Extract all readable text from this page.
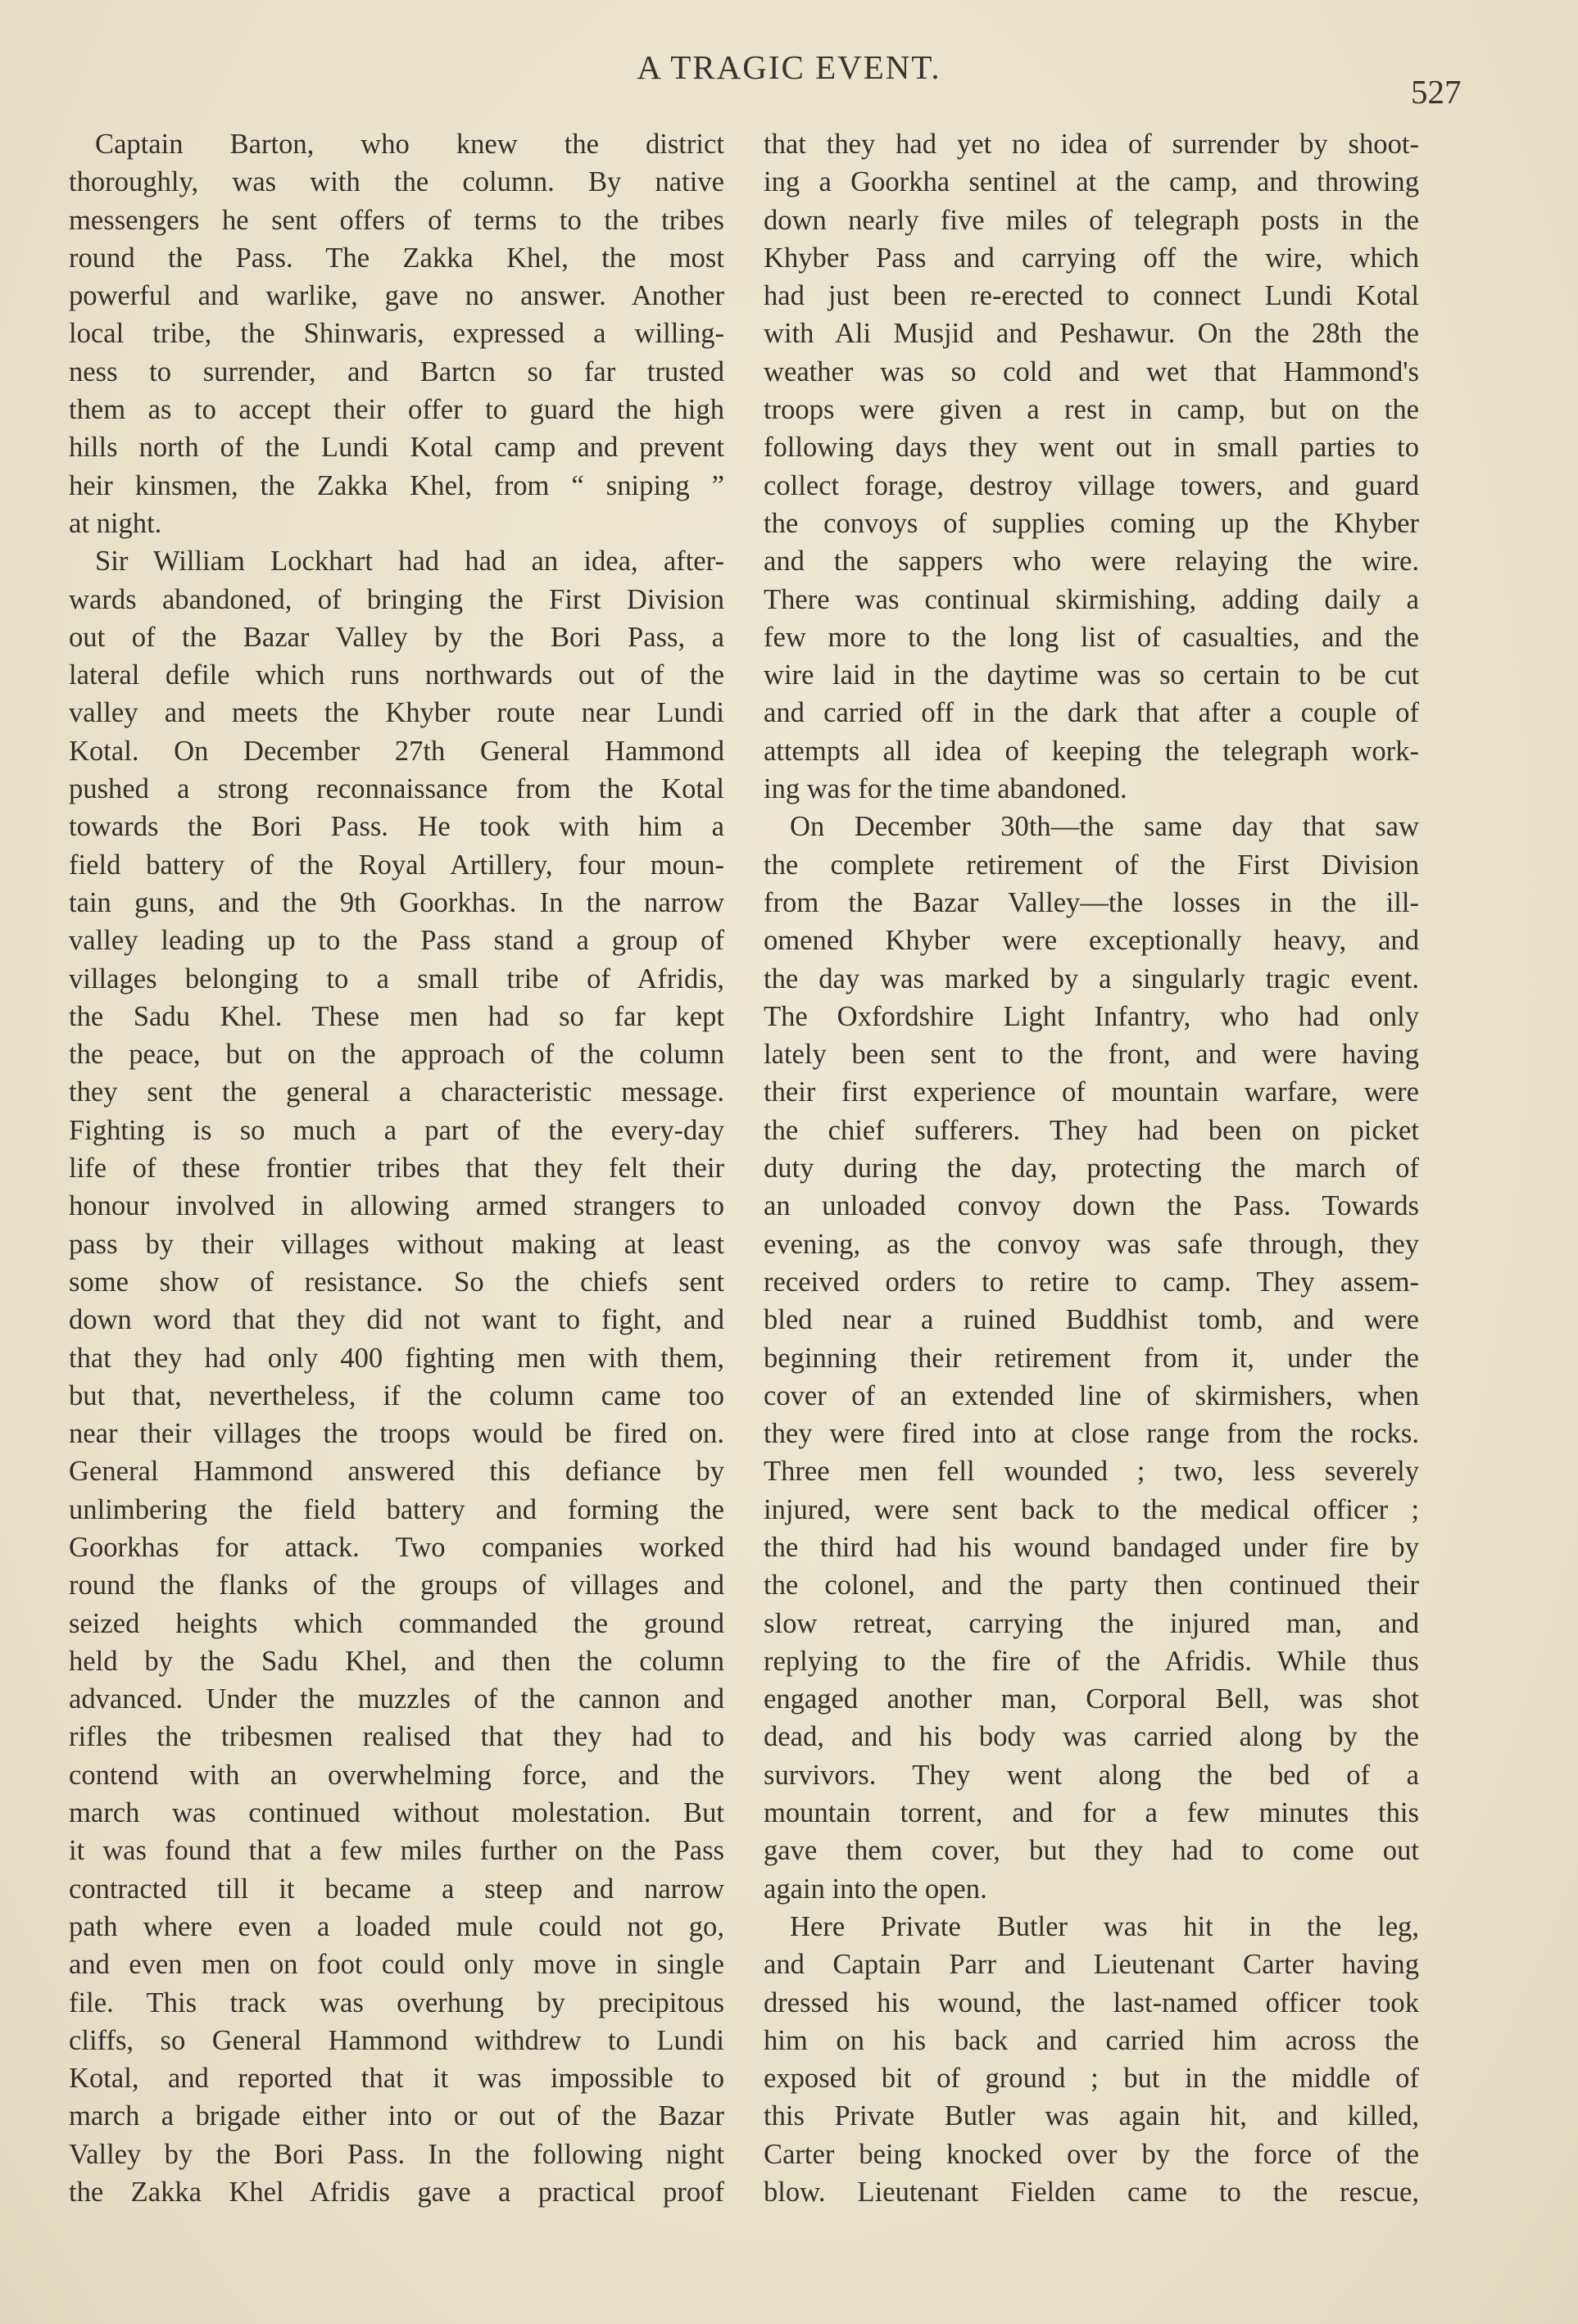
A TRAGIC EVENT.
527
Captain Barton, who knew the district
thoroughly, was with the column. By native
messengers he sent offers of terms to the tribes
round the Pass. The Zakka Khel, the most
powerful and warlike, gave no answer. Another
local tribe, the Shinwaris, expressed a willing-
ness to surrender, and Bartcn so far trusted
them as to accept their offer to guard the high
hills north of the Lundi Kotal camp and prevent
heir kinsmen, the Zakka Khel, from “ sniping ”
at night.
Sir William Lockhart had had an idea, after-
wards abandoned, of bringing the First Division
out of the Bazar Valley by the Bori Pass, a
lateral defile which runs northwards out of the
valley and meets the Khyber route near Lundi
Kotal. On December 27th General Hammond
pushed a strong reconnaissance from the Kotal
towards the Bori Pass. He took with him a
field battery of the Royal Artillery, four moun-
tain guns, and the 9th Goorkhas. In the narrow
valley leading up to the Pass stand a group of
villages belonging to a small tribe of Afridis,
the Sadu Khel. These men had so far kept
the peace, but on the approach of the column
they sent the general a characteristic message.
Fighting is so much a part of the every-day
life of these frontier tribes that they felt their
honour involved in allowing armed strangers to
pass by their villages without making at least
some show of resistance. So the chiefs sent
down word that they did not want to fight, and
that they had only 400 fighting men with them,
but that, nevertheless, if the column came too
near their villages the troops would be fired on.
General Hammond answered this defiance by
unlimbering the field battery and forming the
Goorkhas for attack. Two companies worked
round the flanks of the groups of villages and
seized heights which commanded the ground
held by the Sadu Khel, and then the column
advanced. Under the muzzles of the cannon and
rifles the tribesmen realised that they had to
contend with an overwhelming force, and the
march was continued without molestation. But
it was found that a few miles further on the Pass
contracted till it became a steep and narrow
path where even a loaded mule could not go,
and even men on foot could only move in single
file. This track was overhung by precipitous
cliffs, so General Hammond withdrew to Lundi
Kotal, and reported that it was impossible to
march a brigade either into or out of the Bazar
Valley by the Bori Pass. In the following night
the Zakka Khel Afridis gave a practical proof
that they had yet no idea of surrender by shoot-
ing a Goorkha sentinel at the camp, and throwing
down nearly five miles of telegraph posts in the
Khyber Pass and carrying off the wire, which
had just been re-erected to connect Lundi Kotal
with Ali Musjid and Peshawur. On the 28th the
weather was so cold and wet that Hammond's
troops were given a rest in camp, but on the
following days they went out in small parties to
collect forage, destroy village towers, and guard
the convoys of supplies coming up the Khyber
and the sappers who were relaying the wire.
There was continual skirmishing, adding daily a
few more to the long list of casualties, and the
wire laid in the daytime was so certain to be cut
and carried off in the dark that after a couple of
attempts all idea of keeping the telegraph work-
ing was for the time abandoned.
On December 30th—the same day that saw
the complete retirement of the First Division
from the Bazar Valley—the losses in the ill-
omened Khyber were exceptionally heavy, and
the day was marked by a singularly tragic event.
The Oxfordshire Light Infantry, who had only
lately been sent to the front, and were having
their first experience of mountain warfare, were
the chief sufferers. They had been on picket
duty during the day, protecting the march of
an unloaded convoy down the Pass. Towards
evening, as the convoy was safe through, they
received orders to retire to camp. They assem-
bled near a ruined Buddhist tomb, and were
beginning their retirement from it, under the
cover of an extended line of skirmishers, when
they were fired into at close range from the rocks.
Three men fell wounded ; two, less severely
injured, were sent back to the medical officer ;
the third had his wound bandaged under fire by
the colonel, and the party then continued their
slow retreat, carrying the injured man, and
replying to the fire of the Afridis. While thus
engaged another man, Corporal Bell, was shot
dead, and his body was carried along by the
survivors. They went along the bed of a
mountain torrent, and for a few minutes this
gave them cover, but they had to come out
again into the open.
Here Private Butler was hit in the leg,
and Captain Parr and Lieutenant Carter having
dressed his wound, the last-named officer took
him on his back and carried him across the
exposed bit of ground ; but in the middle of
this Private Butler was again hit, and killed,
Carter being knocked over by the force of the
blow. Lieutenant Fielden came to the rescue,
